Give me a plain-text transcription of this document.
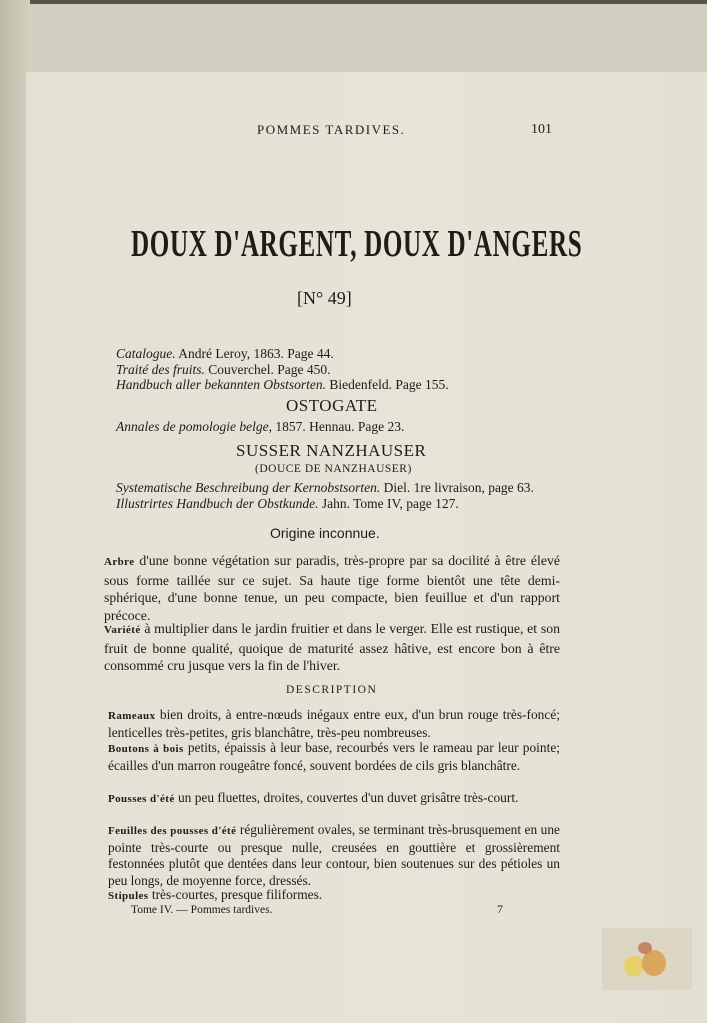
POMMES TARDIVES.	101
DOUX D'ARGENT, DOUX D'ANGERS
[N° 49]
Catalogue. André Leroy, 1863. Page 44.
Traité des fruits. Couverchel. Page 450.
Handbuch aller bekannten Obstsorten. Biedenfeld. Page 155.
OSTOGATE
Annales de pomologie belge, 1857. Hennau. Page 23.
SUSSER NANZHAUSER
(DOUCE DE NANZHAUSER)
Systematische Beschreibung der Kernobstsorten. Diel. 1re livraison, page 63.
Illustrirtes Handbuch der Obstkunde. Jahn. Tome IV, page 127.
Origine inconnue.
Arbre d'une bonne végétation sur paradis, très-propre par sa docilité à être élevé sous forme taillée sur ce sujet. Sa haute tige forme bientôt une tête demi-sphérique, d'une bonne tenue, un peu compacte, bien feuillue et d'un rapport précoce.
Variété à multiplier dans le jardin fruitier et dans le verger. Elle est rustique, et son fruit de bonne qualité, quoique de maturité assez hâtive, est encore bon à être consommé cru jusque vers la fin de l'hiver.
DESCRIPTION
Rameaux bien droits, à entre-nœuds inégaux entre eux, d'un brun rouge très-foncé; lenticelles très-petites, gris blanchâtre, très-peu nombreuses.
Boutons à bois petits, épaissis à leur base, recourbés vers le rameau par leur pointe; écailles d'un marron rougeâtre foncé, souvent bordées de cils gris blanchâtre.
Pousses d'été un peu fluettes, droites, couvertes d'un duvet grisâtre très-court.
Feuilles des pousses d'été régulièrement ovales, se terminant très-brusquement en une pointe très-courte ou presque nulle, creusées en gouttière et grossièrement festonnées plutôt que dentées dans leur contour, bien soutenues sur des pétioles un peu longs, de moyenne force, dressés.
Stipules très-courtes, presque filiformes.
Tome IV. — Pommes tardives.	7
